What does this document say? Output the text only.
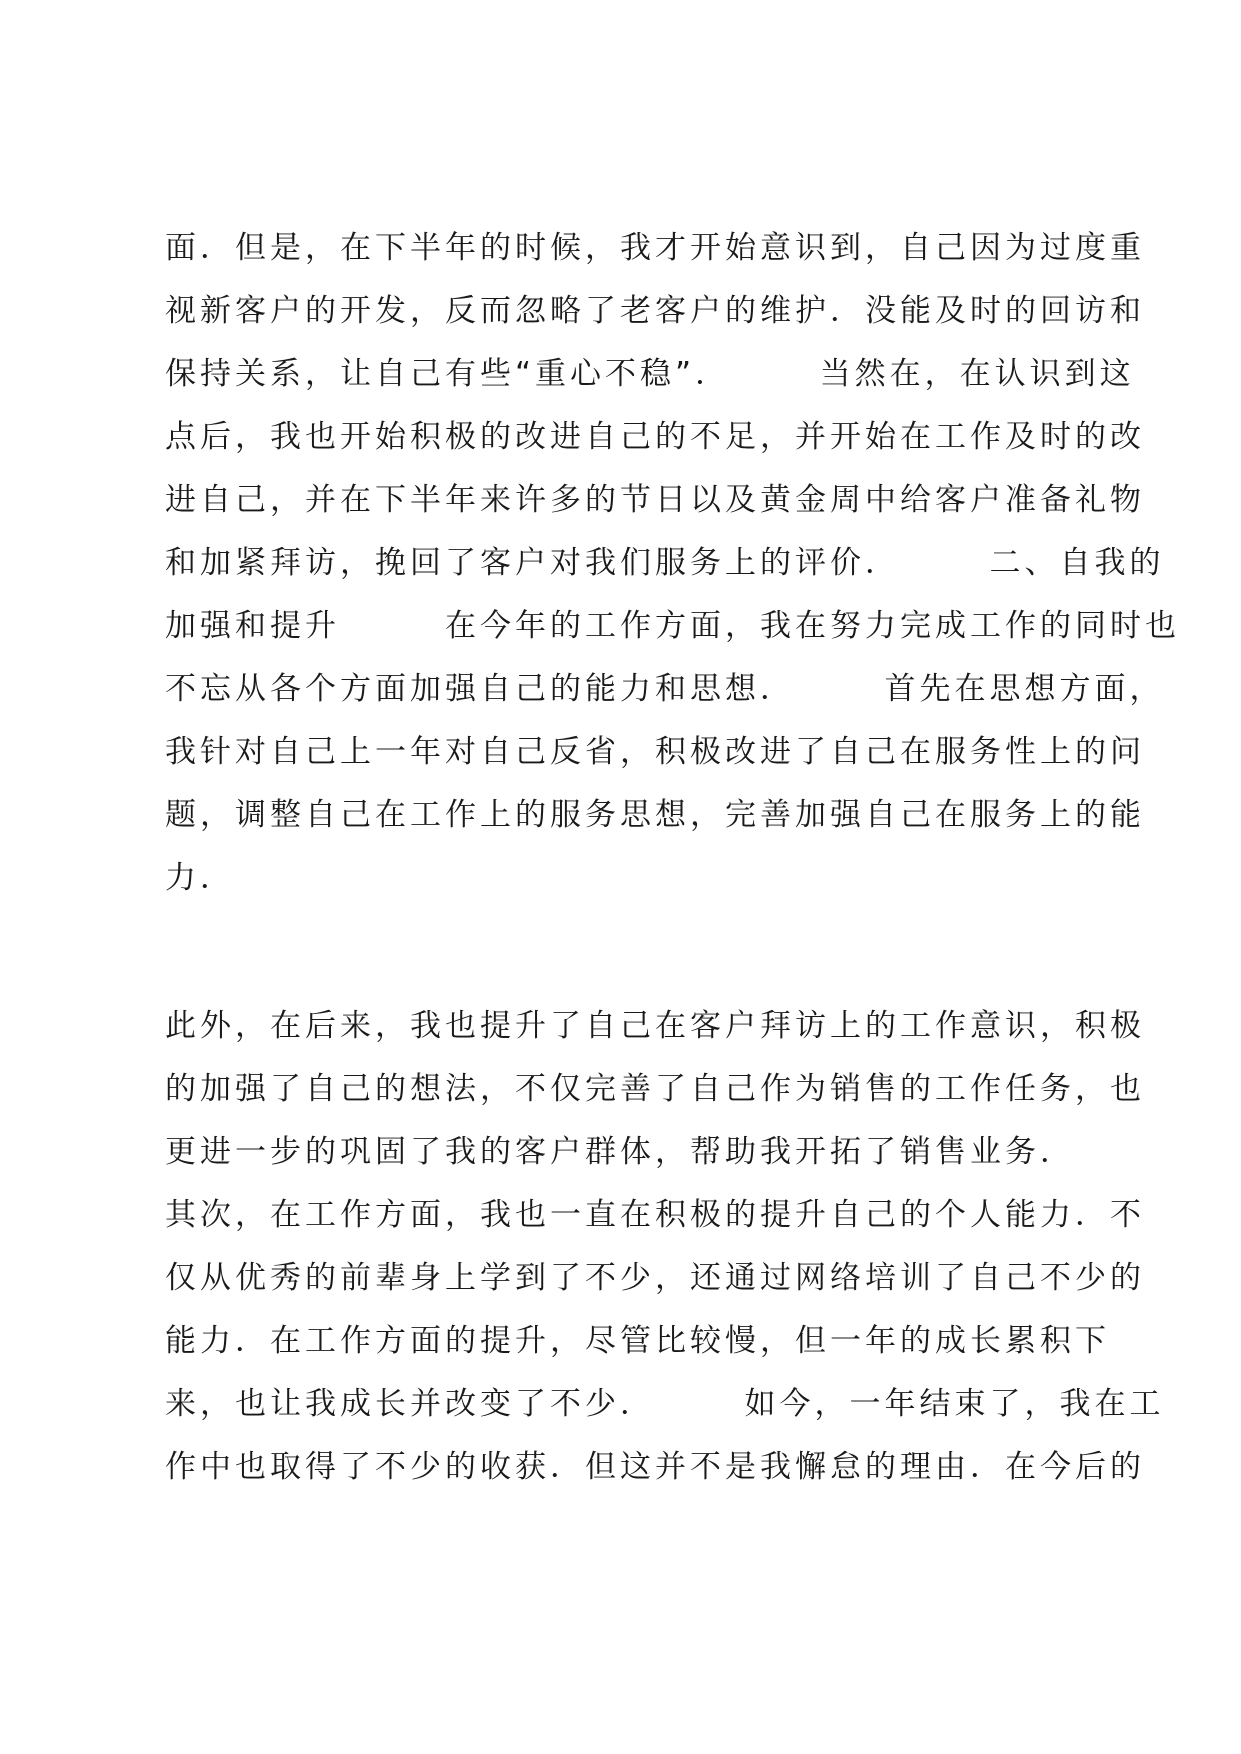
面．但是，在下半年的时候，我才开始意识到，自己因为过度重
视新客户的开发，反而忽略了老客户的维护．没能及时的回访和
保持关系，让自己有些“重心不稳”．　　　当然在，在认识到这
点后，我也开始积极的改进自己的不足，并开始在工作及时的改
进自己，并在下半年来许多的节日以及黄金周中给客户准备礼物
和加紧拜访，挽回了客户对我们服务上的评价．　　　二、自我的
加强和提升　　　在今年的工作方面，我在努力完成工作的同时也
不忘从各个方面加强自己的能力和思想．　　　首先在思想方面，
我针对自己上一年对自己反省，积极改进了自己在服务性上的问
题，调整自己在工作上的服务思想，完善加强自己在服务上的能
力．
此外，在后来，我也提升了自己在客户拜访上的工作意识，积极
的加强了自己的想法，不仅完善了自己作为销售的工作任务，也
更进一步的巩固了我的客户群体，帮助我开拓了销售业务．
其次，在工作方面，我也一直在积极的提升自己的个人能力．不
仅从优秀的前辈身上学到了不少，还通过网络培训了自己不少的
能力．在工作方面的提升，尽管比较慢，但一年的成长累积下
来，也让我成长并改变了不少．　　　如今，一年结束了，我在工
作中也取得了不少的收获．但这并不是我懈怠的理由．在今后的
